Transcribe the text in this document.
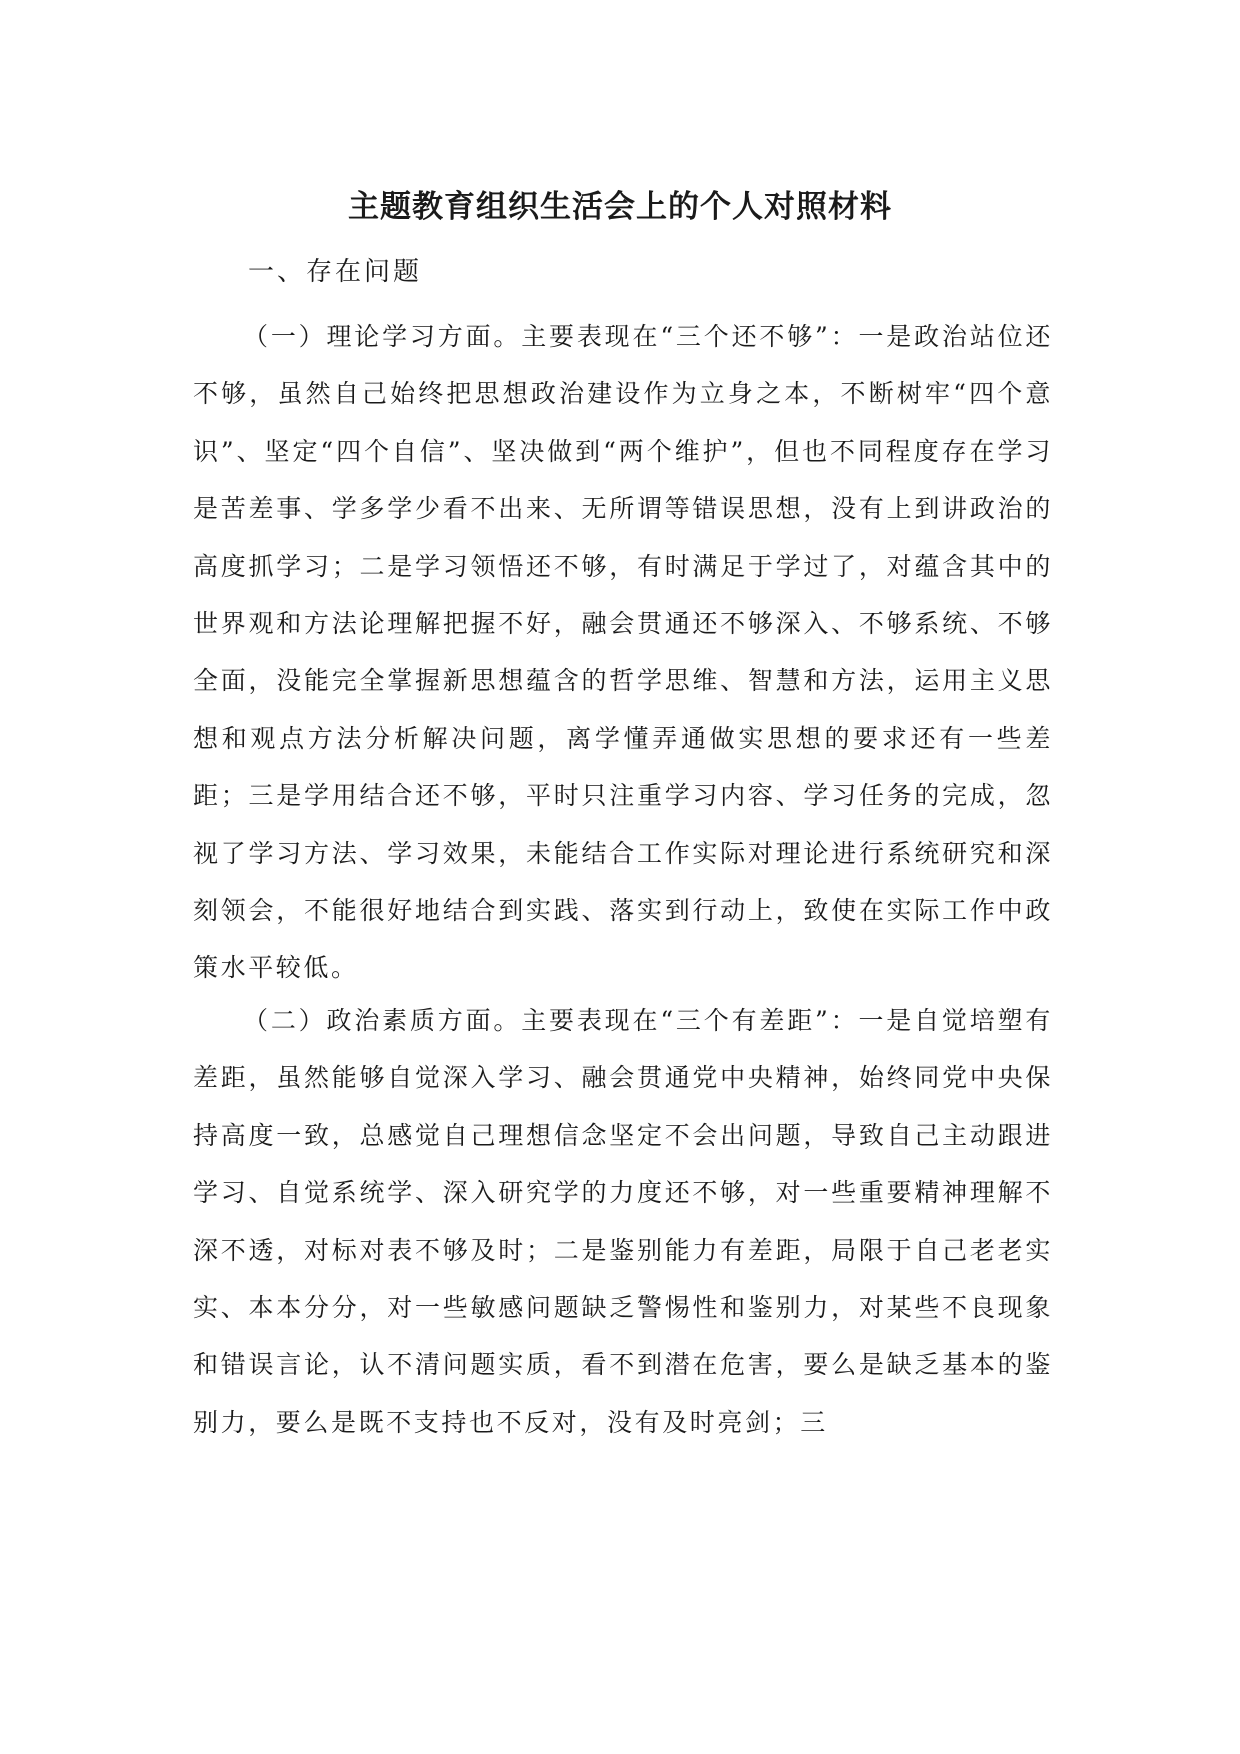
主题教育组织生活会上的个人对照材料

一、存在问题

（一）理论学习方面。主要表现在“三个还不够”：一是政治站位还不够，虽然自己始终把思想政治建设作为立身之本，不断树牢“四个意识”、坚定“四个自信”、坚决做到“两个维护”，但也不同程度存在学习是苦差事、学多学少看不出来、无所谓等错误思想，没有上到讲政治的高度抓学习；二是学习领悟还不够，有时满足于学过了，对蕴含其中的世界观和方法论理解把握不好，融会贯通还不够深入、不够系统、不够全面，没能完全掌握新思想蕴含的哲学思维、智慧和方法，运用主义思想和观点方法分析解决问题，离学懂弄通做实思想的要求还有一些差距；三是学用结合还不够，平时只注重学习内容、学习任务的完成，忽视了学习方法、学习效果，未能结合工作实际对理论进行系统研究和深刻领会，不能很好地结合到实践、落实到行动上，致使在实际工作中政策水平较低。

（二）政治素质方面。主要表现在“三个有差距”：一是自觉培塑有差距，虽然能够自觉深入学习、融会贯通党中央精神，始终同党中央保持高度一致，总感觉自己理想信念坚定不会出问题，导致自己主动跟进学习、自觉系统学、深入研究学的力度还不够，对一些重要精神理解不深不透，对标对表不够及时；二是鉴别能力有差距，局限于自己老老实实、本本分分，对一些敏感问题缺乏警惕性和鉴别力，对某些不良现象和错误言论，认不清问题实质，看不到潜在危害，要么是缺乏基本的鉴别力，要么是既不支持也不反对，没有及时亮剑；三
